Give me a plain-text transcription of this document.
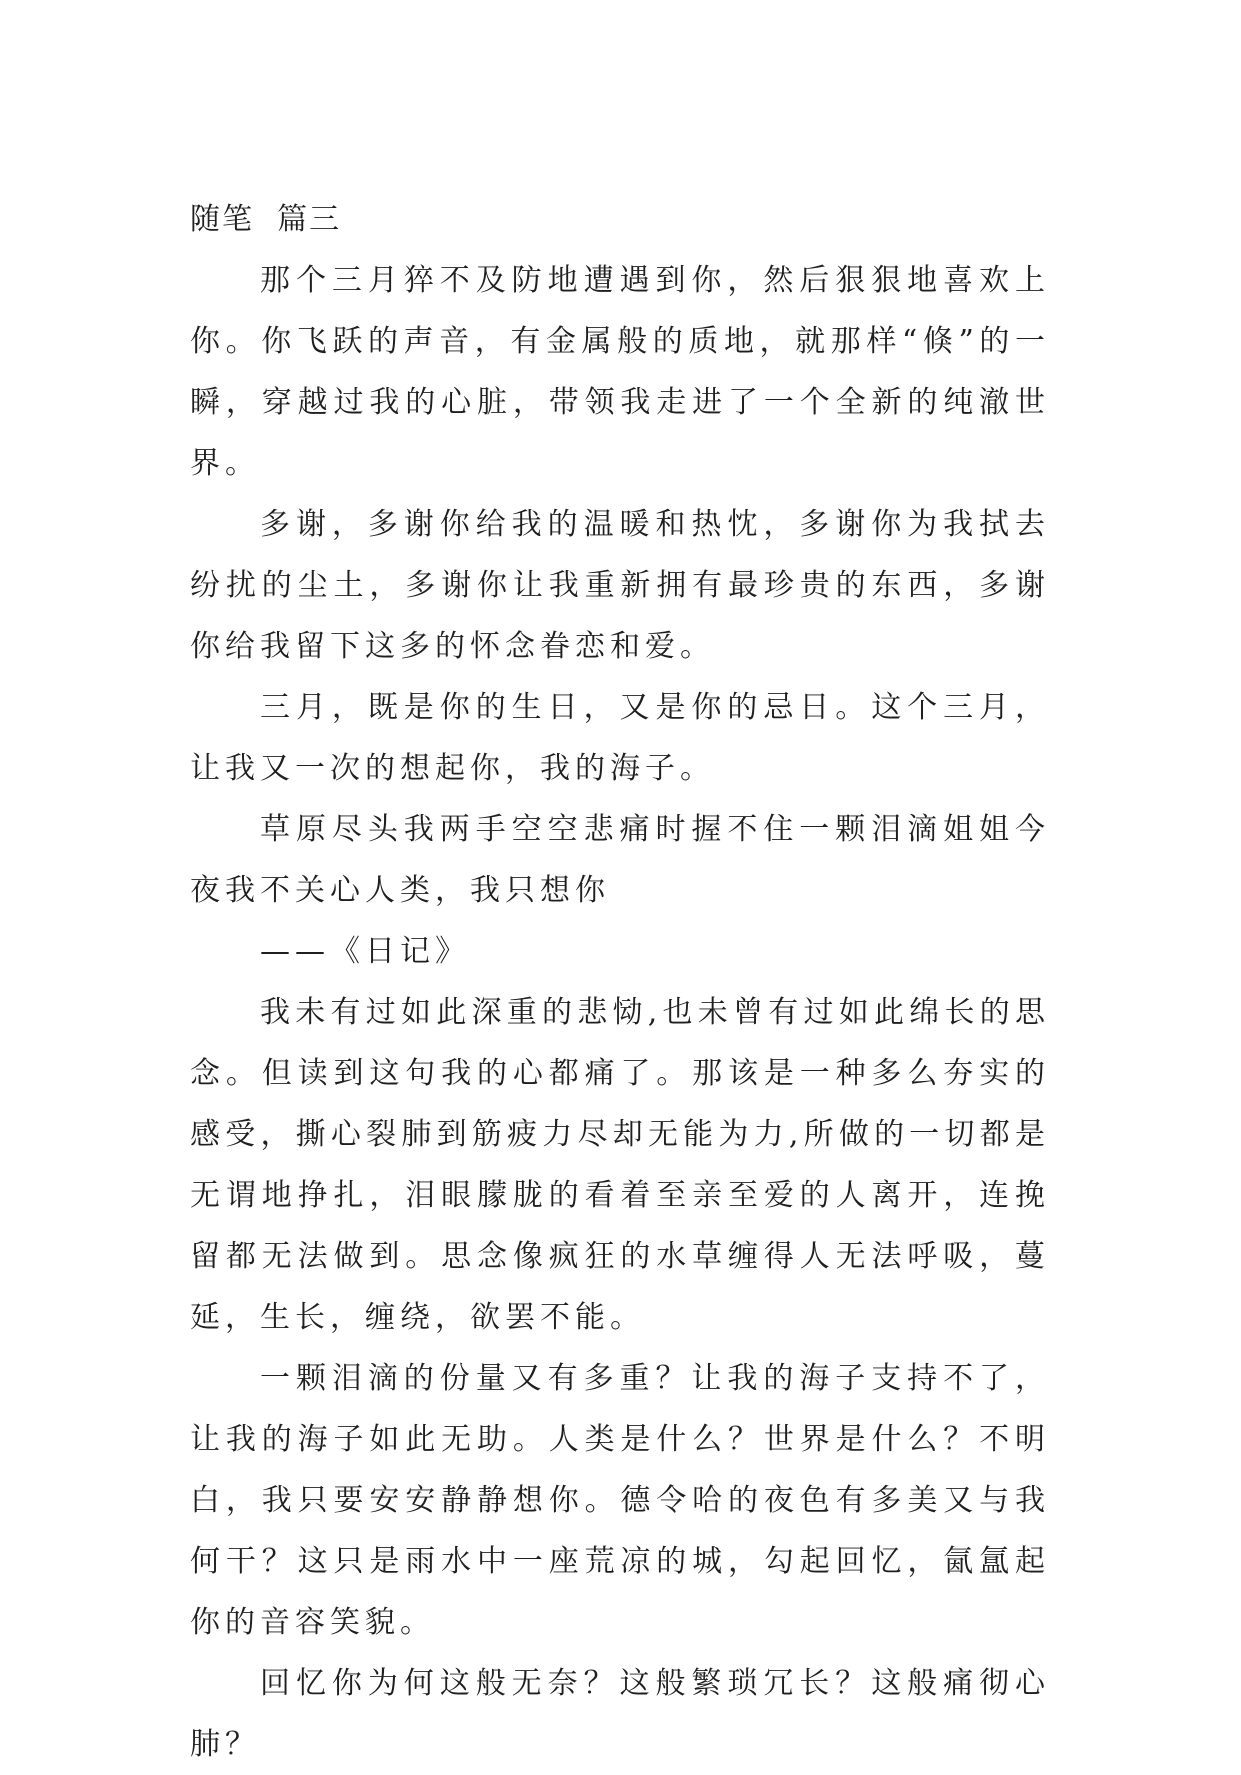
随笔  篇三

那个三月猝不及防地遭遇到你，然后狠狠地喜欢上你。你飞跃的声音，有金属般的质地，就那样“倏”的一瞬，穿越过我的心脏，带领我走进了一个全新的纯澈世界。

多谢，多谢你给我的温暖和热忱，多谢你为我拭去纷扰的尘土，多谢你让我重新拥有最珍贵的东西，多谢你给我留下这多的怀念眷恋和爱。

三月，既是你的生日，又是你的忌日。这个三月，让我又一次的想起你，我的海子。

草原尽头我两手空空悲痛时握不住一颗泪滴姐姐今夜我不关心人类，我只想你

——《日记》

我未有过如此深重的悲恸,也未曾有过如此绵长的思念。但读到这句我的心都痛了。那该是一种多么夯实的感受，撕心裂肺到筋疲力尽却无能为力,所做的一切都是无谓地挣扎，泪眼朦胧的看着至亲至爱的人离开，连挽留都无法做到。思念像疯狂的水草缠得人无法呼吸，蔓延，生长，缠绕，欲罢不能。

一颗泪滴的份量又有多重？让我的海子支持不了，让我的海子如此无助。人类是什么？世界是什么？不明白，我只要安安静静想你。德令哈的夜色有多美又与我何干？这只是雨水中一座荒凉的城，勾起回忆，氤氲起你的音容笑貌。

回忆你为何这般无奈？这般繁琐冗长？这般痛彻心肺？
